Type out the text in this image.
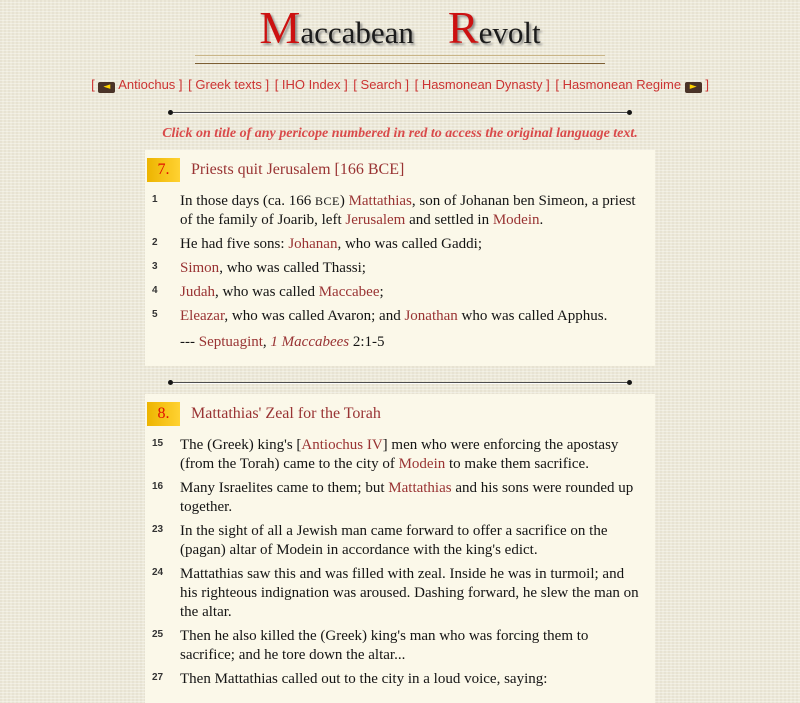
Maccabean Revolt
[ ◄ Antiochus ] [ Greek texts ] [ IHO Index ] [ Search ] [ Hasmonean Dynasty ] [ Hasmonean Regime ► ]

Click on title of any pericope numbered in red to access the original language text.

7.	Priests quit Jerusalem [166 BCE]
1	In those days (ca. 166 BCE) Mattathias, son of Johanan ben Simeon, a priest of the family of Joarib, left Jerusalem and settled in Modein.
2	He had five sons: Johanan, who was called Gaddi;
3	Simon, who was called Thassi;
4	Judah, who was called Maccabee;
5	Eleazar, who was called Avaron; and Jonathan who was called Apphus.
--- Septuagint, 1 Maccabees 2:1-5
8.	Mattathias' Zeal for the Torah
15	The (Greek) king's [Antiochus IV] men who were enforcing the apostasy (from the Torah) came to the city of Modein to make them sacrifice.
16	Many Israelites came to them; but Mattathias and his sons were rounded up together.
23	In the sight of all a Jewish man came forward to offer a sacrifice on the (pagan) altar of Modein in accordance with the king's edict.
24	Mattathias saw this and was filled with zeal. Inside he was in turmoil; and his righteous indignation was aroused. Dashing forward, he slew the man on the altar.
25	Then he also killed the (Greek) king's man who was forcing them to sacrifice; and he tore down the altar...
27	Then Mattathias called out to the city in a loud voice, saying:
